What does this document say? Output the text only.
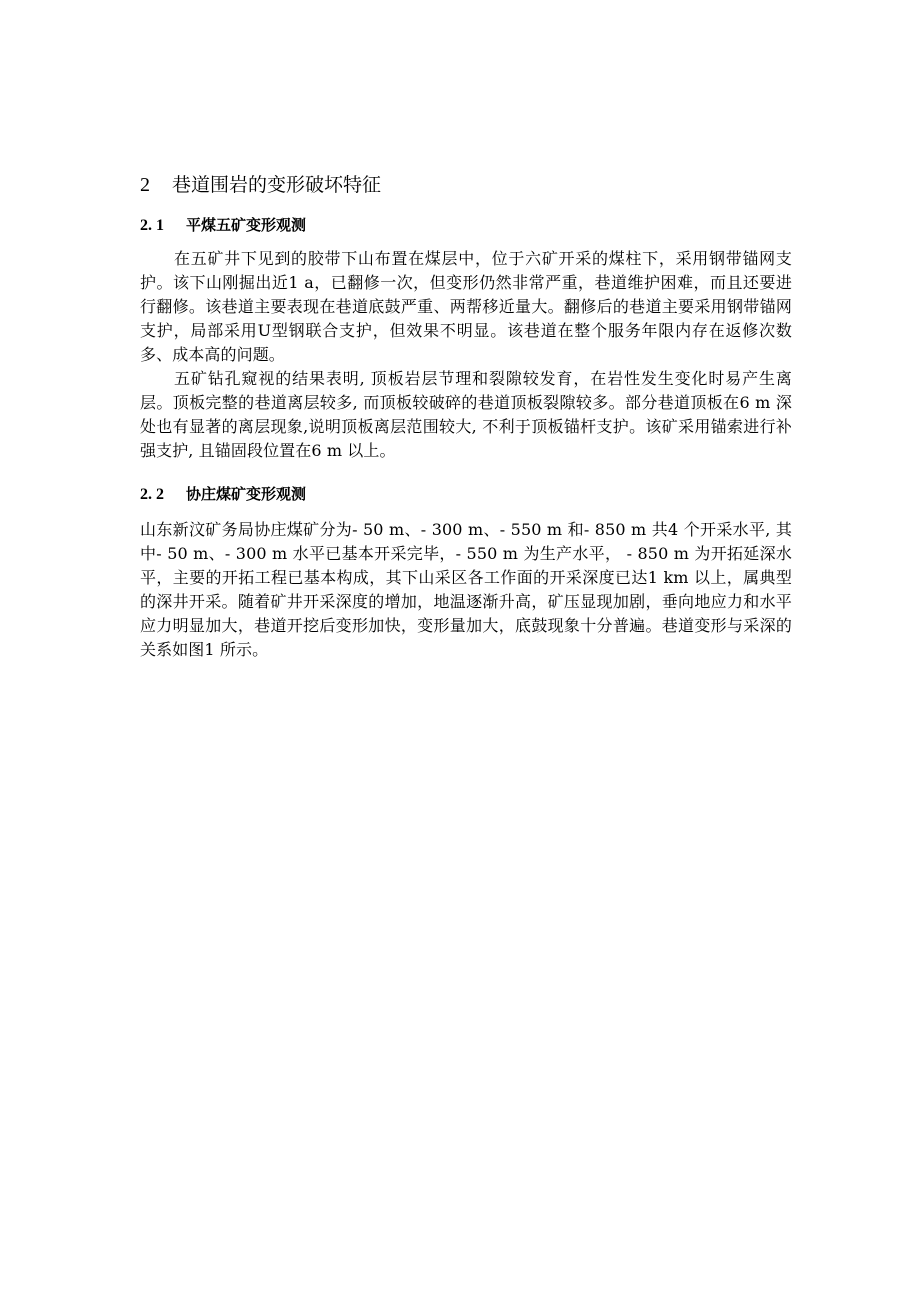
2 巷道围岩的变形破坏特征
2. 1 平煤五矿变形观测

在五矿井下见到的胶带下山布置在煤层中，位于六矿开采的煤柱下，采用钢带锚网支护。该下山刚掘出近1 a，已翻修一次，但变形仍然非常严重，巷道维护困难，而且还要进行翻修。该巷道主要表现在巷道底鼓严重、两帮移近量大。翻修后的巷道主要采用钢带锚网支护，局部采用U型钢联合支护，但效果不明显。该巷道在整个服务年限内存在返修次数多、成本高的问题。

五矿钻孔窥视的结果表明, 顶板岩层节理和裂隙较发育，在岩性发生变化时易产生离层。顶板完整的巷道离层较多, 而顶板较破碎的巷道顶板裂隙较多。部分巷道顶板在6 m 深处也有显著的离层现象,说明顶板离层范围较大, 不利于顶板锚杆支护。该矿采用锚索进行补强支护, 且锚固段位置在6 m 以上。

2. 2 协庄煤矿变形观测

山东新汶矿务局协庄煤矿分为- 50 m、- 300 m、- 550 m 和- 850 m 共4 个开采水平, 其中- 50 m、- 300 m 水平已基本开采完毕，- 550 m 为生产水平， - 850 m 为开拓延深水平，主要的开拓工程已基本构成，其下山采区各工作面的开采深度已达1 km 以上，属典型的深井开采。随着矿井开采深度的增加，地温逐渐升高，矿压显现加剧，垂向地应力和水平应力明显加大，巷道开挖后变形加快，变形量加大，底鼓现象十分普遍。巷道变形与采深的关系如图1 所示。
